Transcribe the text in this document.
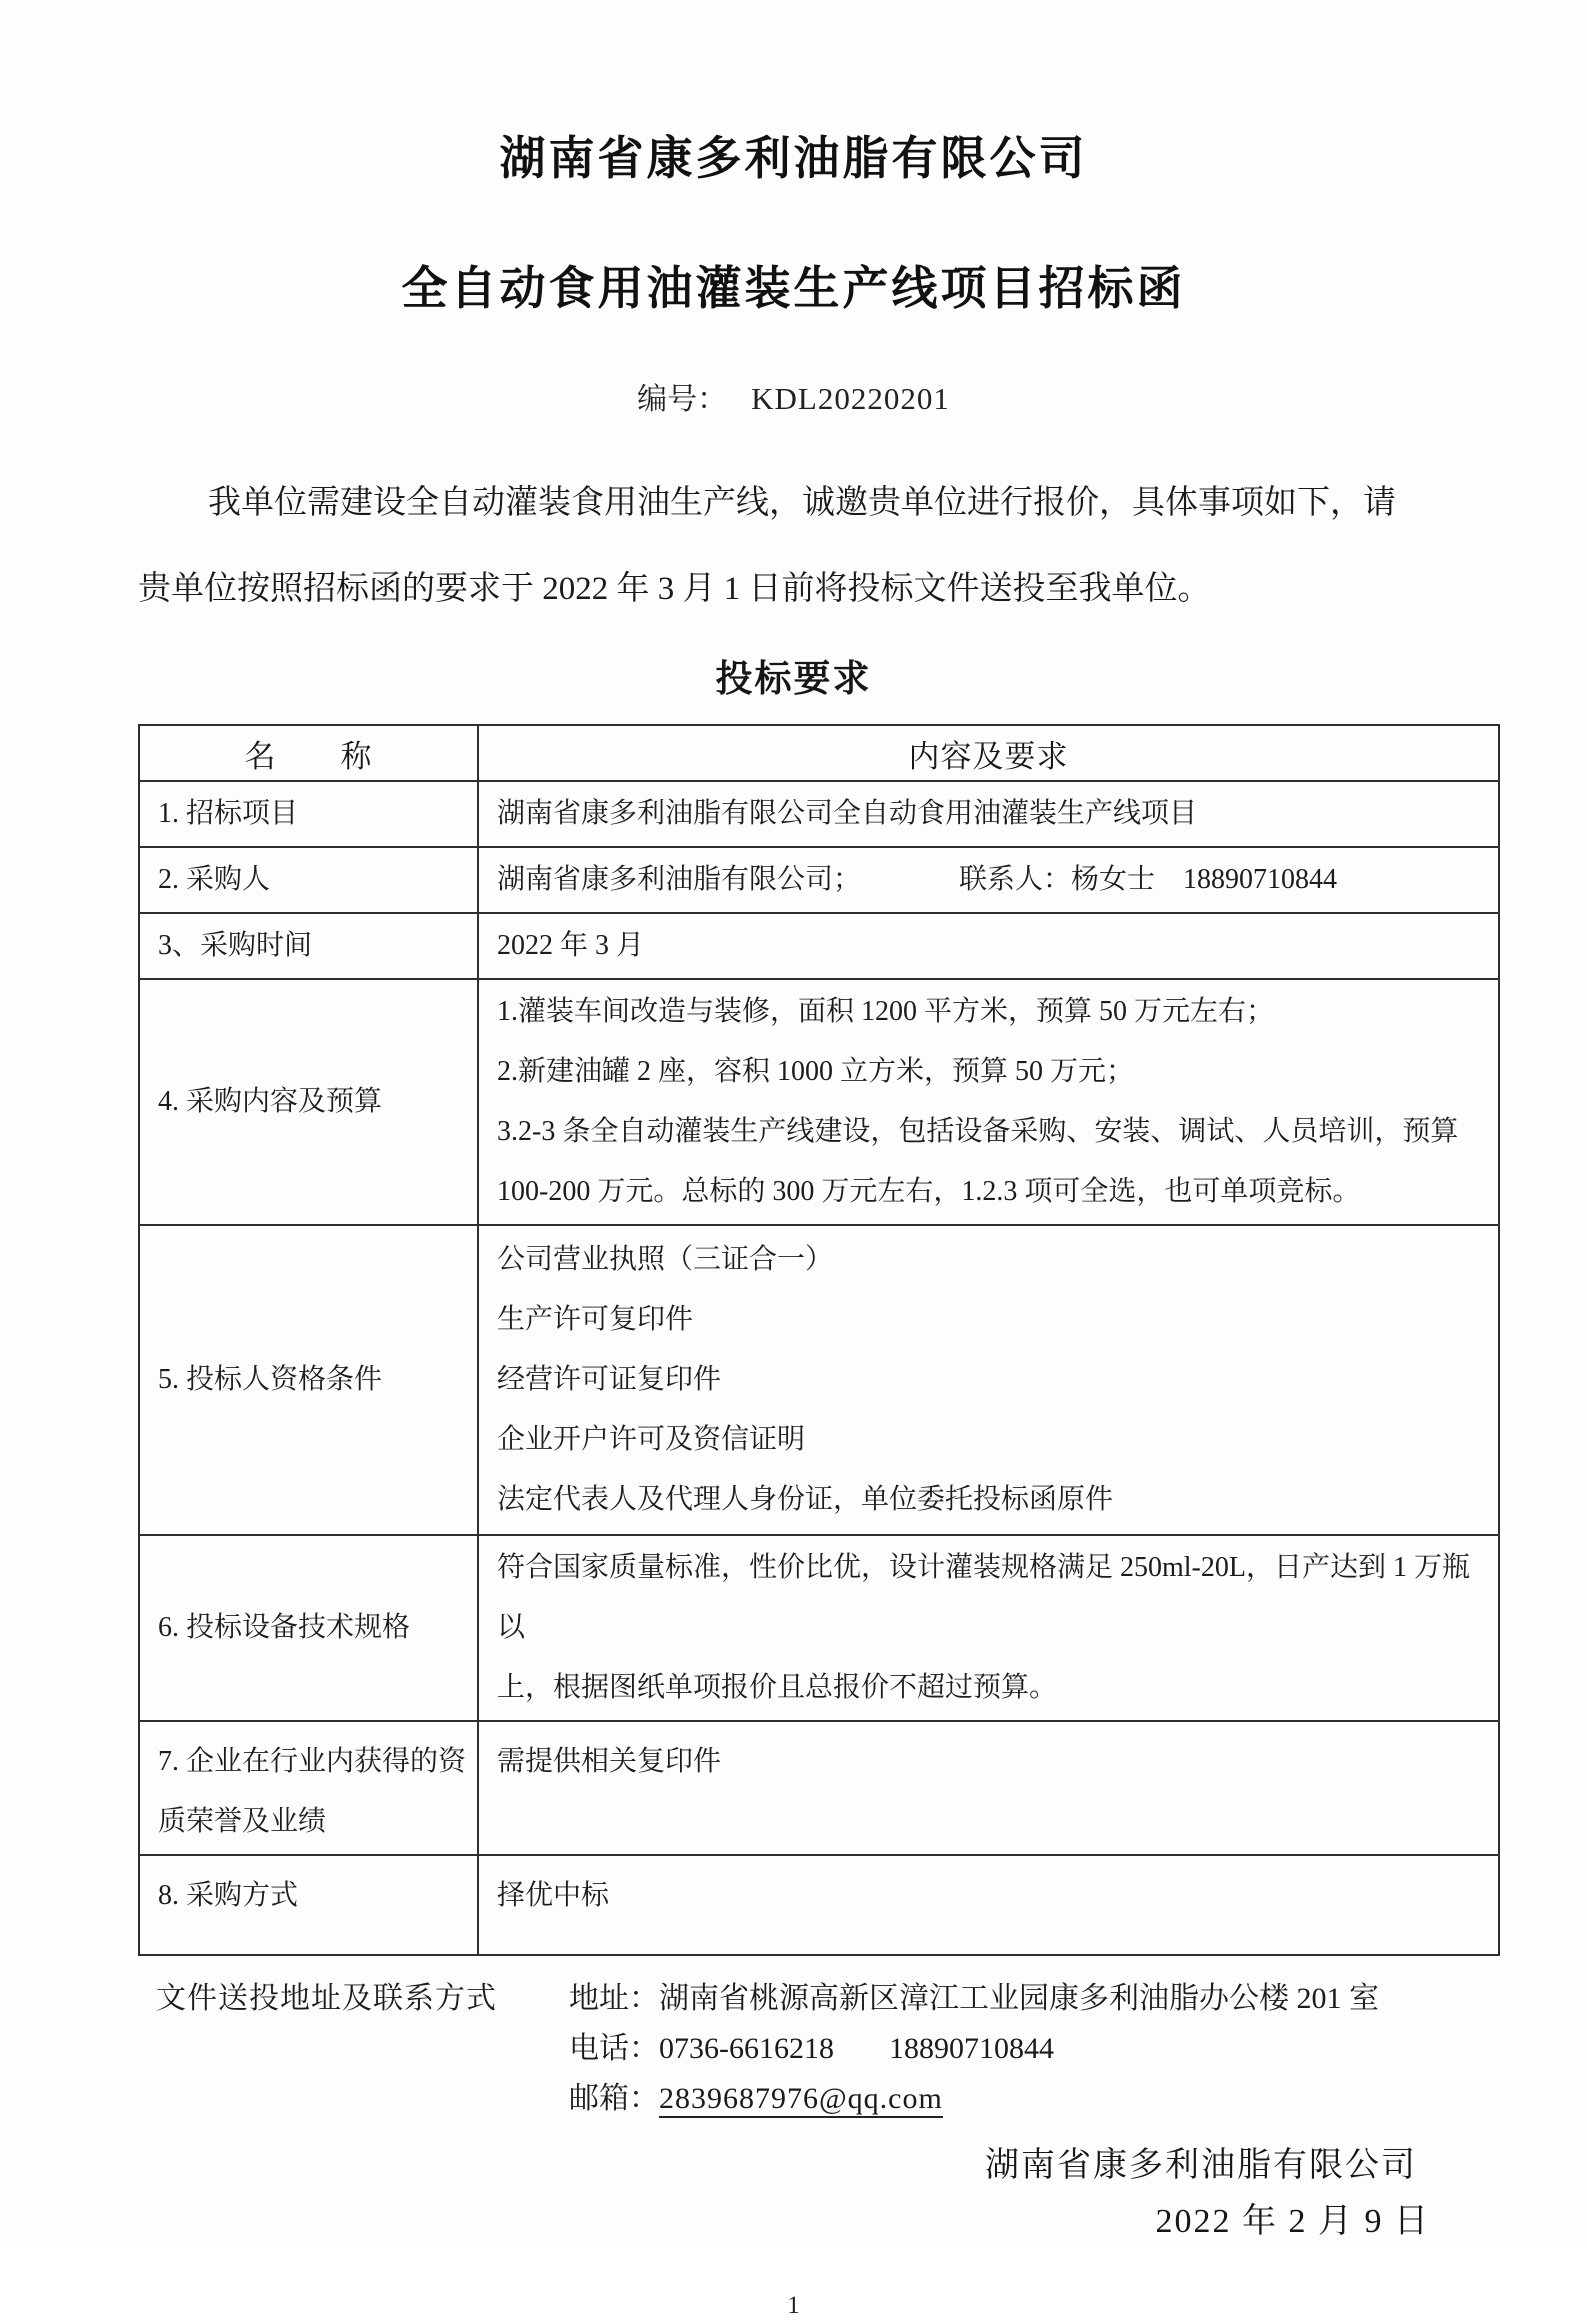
湖南省康多利油脂有限公司
全自动食用油灌装生产线项目招标函
编号： KDL20220201
我单位需建设全自动灌装食用油生产线，诚邀贵单位进行报价，具体事项如下，请
贵单位按照招标函的要求于 2022 年 3 月 1 日前将投标文件送投至我单位。
投标要求
名　　称	内容及要求

1. 招标项目	湖南省康多利油脂有限公司全自动食用油灌装生产线项目

2. 采购人	湖南省康多利油脂有限公司；　　　　联系人：杨女士　18890710844

3、采购时间	2022 年 3 月

4. 采购内容及预算	1.灌装车间改造与装修，面积 1200 平方米，预算 50 万元左右；
2.新建油罐 2 座，容积 1000 立方米，预算 50 万元；
3.2-3 条全自动灌装生产线建设，包括设备采购、安装、调试、人员培训，预算
100-200 万元。总标的 300 万元左右，1.2.3 项可全选，也可单项竞标。

5. 投标人资格条件	公司营业执照（三证合一）
生产许可复印件
经营许可证复印件
企业开户许可及资信证明
法定代表人及代理人身份证，单位委托投标函原件

6. 投标设备技术规格	符合国家质量标准，性价比优，设计灌装规格满足 250ml-20L，日产达到 1 万瓶以
上，根据图纸单项报价且总报价不超过预算。

7. 企业在行业内获得的资质荣誉及业绩	需提供相关复印件

8. 采购方式	择优中标
文件送投地址及联系方式	地址：湖南省桃源高新区漳江工业园康多利油脂办公楼 201 室
电话：0736-6616218 18890710844
邮箱：2839687976@qq.com
湖南省康多利油脂有限公司
2022 年 2 月 9 日
1
